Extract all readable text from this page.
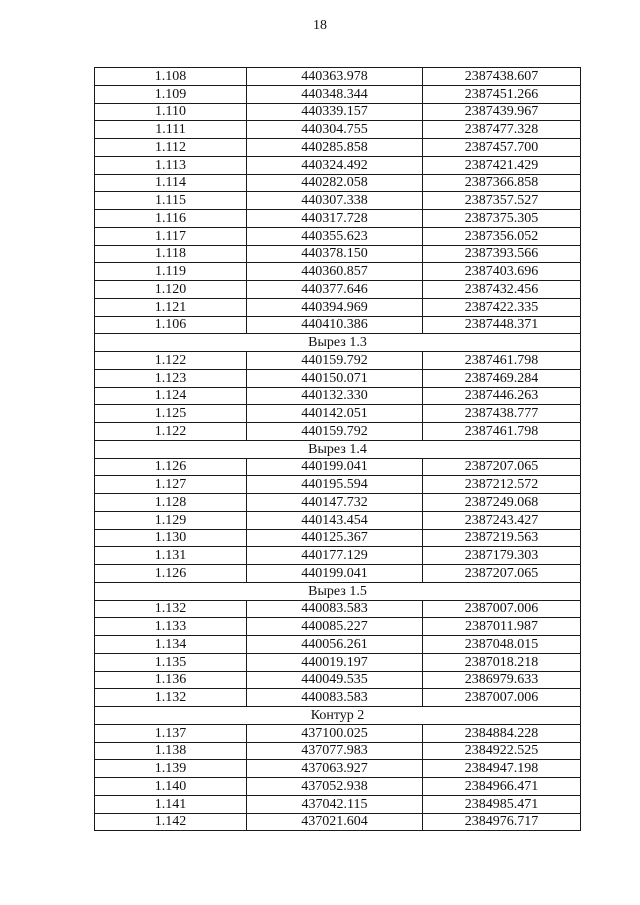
18
1.108	440363.978	2387438.607
1.109	440348.344	2387451.266
1.110	440339.157	2387439.967
1.111	440304.755	2387477.328
1.112	440285.858	2387457.700
1.113	440324.492	2387421.429
1.114	440282.058	2387366.858
1.115	440307.338	2387357.527
1.116	440317.728	2387375.305
1.117	440355.623	2387356.052
1.118	440378.150	2387393.566
1.119	440360.857	2387403.696
1.120	440377.646	2387432.456
1.121	440394.969	2387422.335
1.106	440410.386	2387448.371
Вырез 1.3		
1.122	440159.792	2387461.798
1.123	440150.071	2387469.284
1.124	440132.330	2387446.263
1.125	440142.051	2387438.777
1.122	440159.792	2387461.798
Вырез 1.4		
1.126	440199.041	2387207.065
1.127	440195.594	2387212.572
1.128	440147.732	2387249.068
1.129	440143.454	2387243.427
1.130	440125.367	2387219.563
1.131	440177.129	2387179.303
1.126	440199.041	2387207.065
Вырез 1.5		
1.132	440083.583	2387007.006
1.133	440085.227	2387011.987
1.134	440056.261	2387048.015
1.135	440019.197	2387018.218
1.136	440049.535	2386979.633
1.132	440083.583	2387007.006
Контур 2		
1.137	437100.025	2384884.228
1.138	437077.983	2384922.525
1.139	437063.927	2384947.198
1.140	437052.938	2384966.471
1.141	437042.115	2384985.471
1.142	437021.604	2384976.717
